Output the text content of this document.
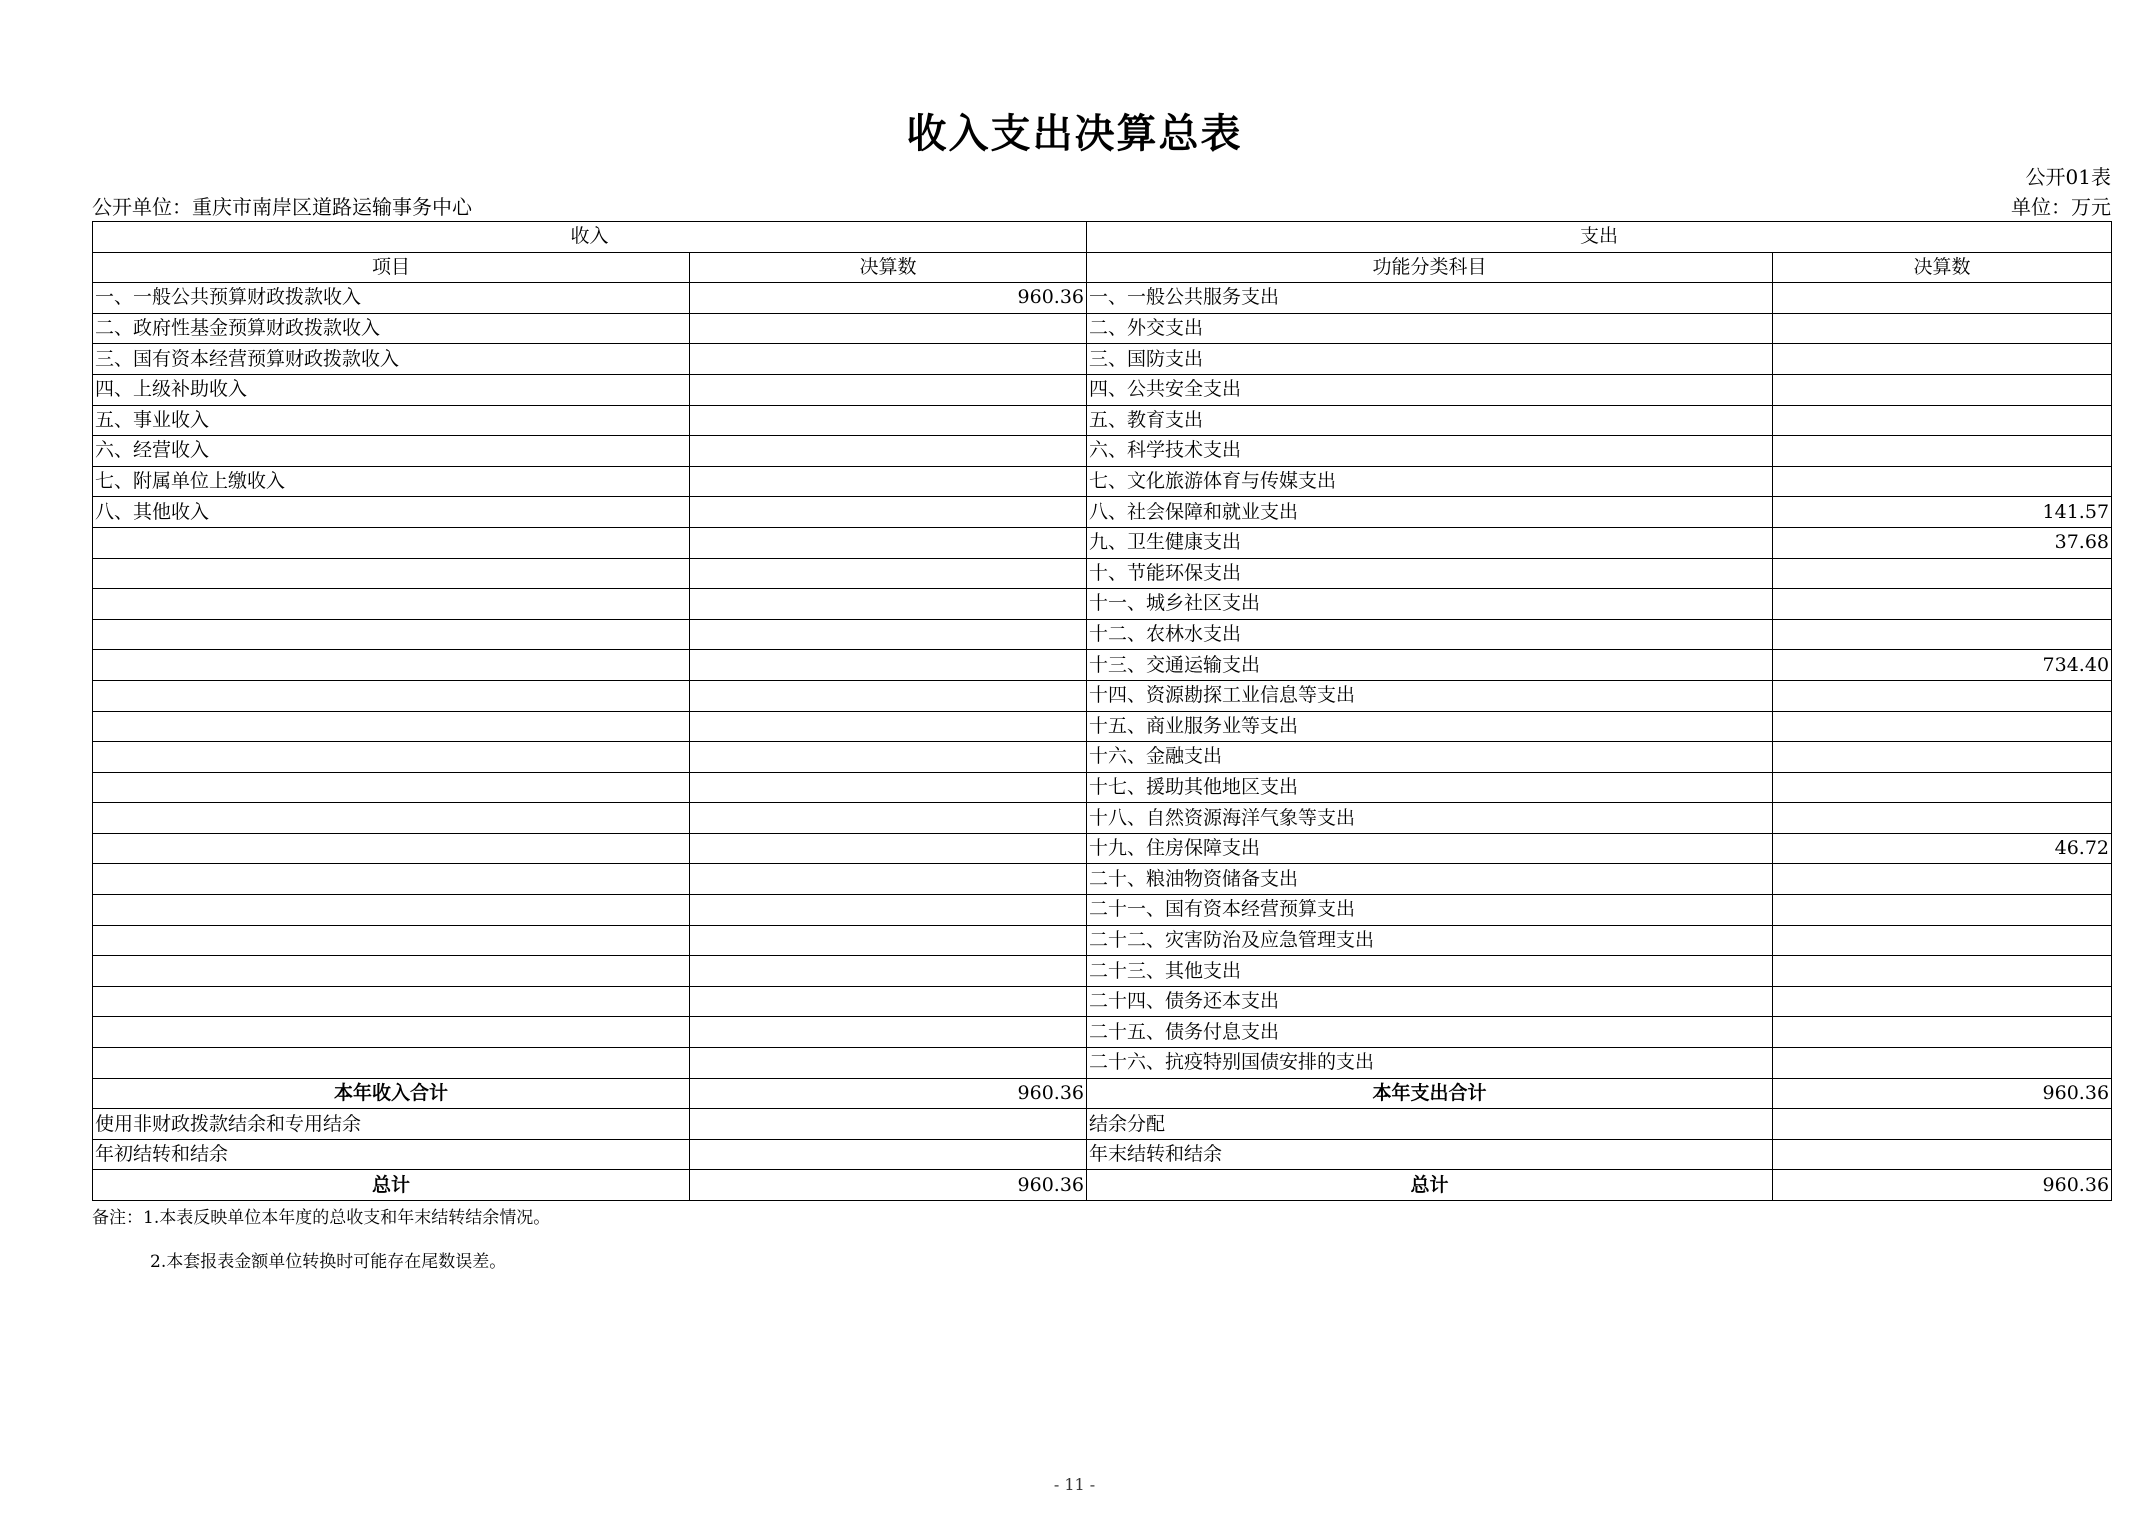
收入支出决算总表
公开01表
公开单位：重庆市南岸区道路运输事务中心	单位：万元
收入		支出	
项目	决算数	功能分类科目	决算数
一、一般公共预算财政拨款收入	960.36	一、一般公共服务支出	
二、政府性基金预算财政拨款收入		二、外交支出	
三、国有资本经营预算财政拨款收入		三、国防支出	
四、上级补助收入		四、公共安全支出	
五、事业收入		五、教育支出	
六、经营收入		六、科学技术支出	
七、附属单位上缴收入		七、文化旅游体育与传媒支出	
八、其他收入		八、社会保障和就业支出	141.57
		九、卫生健康支出	37.68
		十、节能环保支出	
		十一、城乡社区支出	
		十二、农林水支出	
		十三、交通运输支出	734.40
		十四、资源勘探工业信息等支出	
		十五、商业服务业等支出	
		十六、金融支出	
		十七、援助其他地区支出	
		十八、自然资源海洋气象等支出	
		十九、住房保障支出	46.72
		二十、粮油物资储备支出	
		二十一、国有资本经营预算支出	
		二十二、灾害防治及应急管理支出	
		二十三、其他支出	
		二十四、债务还本支出	
		二十五、债务付息支出	
		二十六、抗疫特别国债安排的支出	
本年收入合计	960.36	本年支出合计	960.36
使用非财政拨款结余和专用结余		结余分配	
年初结转和结余		年末结转和结余	
总计	960.36	总计	960.36

备注：1.本表反映单位本年度的总收支和年末结转结余情况。

2.本套报表金额单位转换时可能存在尾数误差。

- 11 -
